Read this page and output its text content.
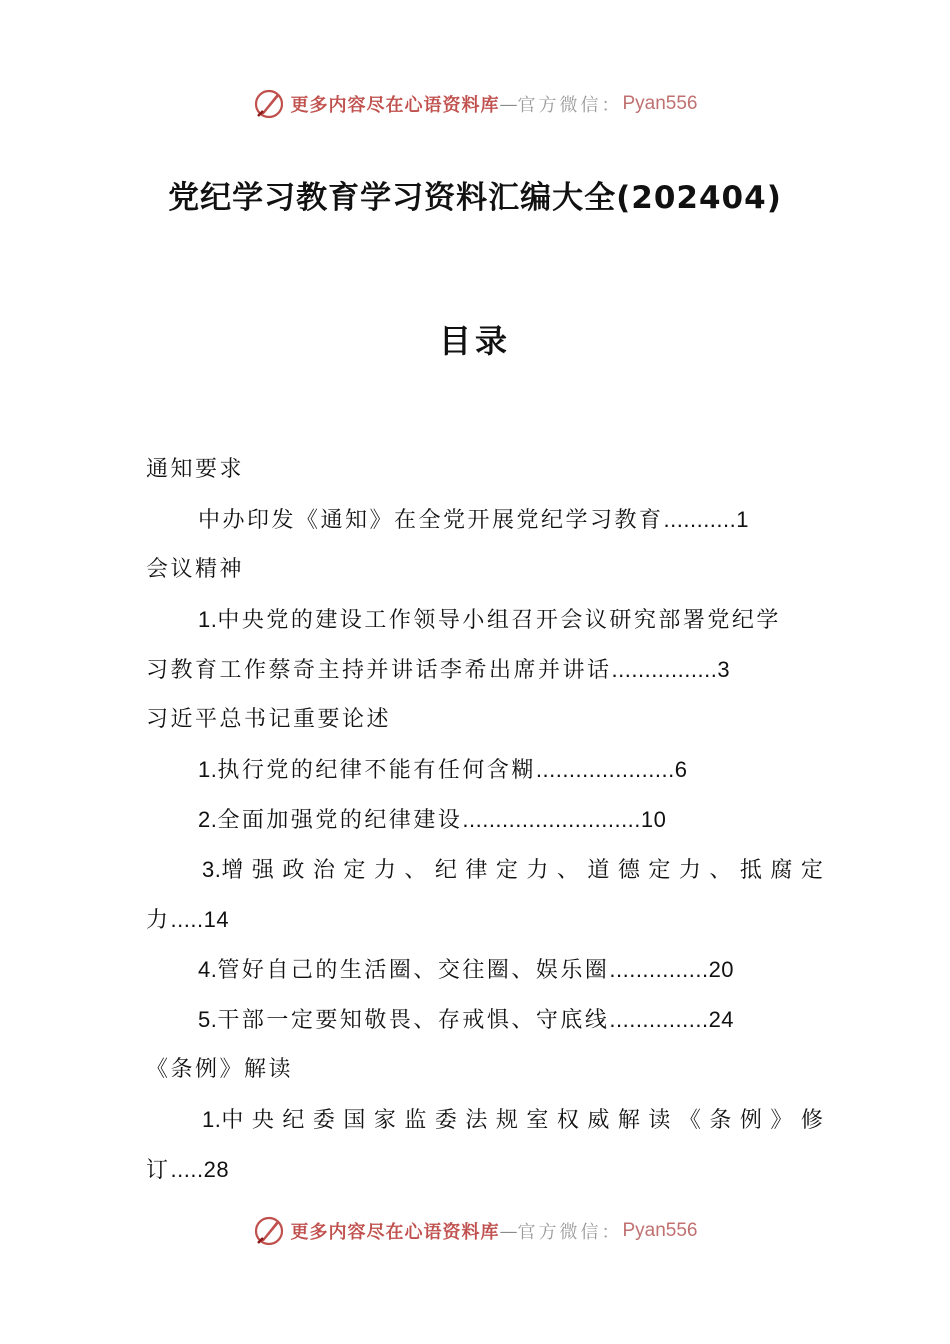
更多内容尽在心语资料库 — 官方微信： Pyan556
党纪学习教育学习资料汇编大全(202404)
目录
通知要求
中办印发《通知》在全党开展党纪学习教育...........1
会议精神
1.中央党的建设工作领导小组召开会议研究部署党纪学
习教育工作蔡奇主持并讲话李希出席并讲话................3
习近平总书记重要论述
1.执行党的纪律不能有任何含糊.....................6
2.全面加强党的纪律建设...........................10
3.增强政治定力、纪律定力、道德定力、抵腐定
力.....14
4.管好自己的生活圈、交往圈、娱乐圈...............20
5.干部一定要知敬畏、存戒惧、守底线...............24
《条例》解读
1.中央纪委国家监委法规室权威解读《条例》修
订.....28
更多内容尽在心语资料库 — 官方微信： Pyan556
